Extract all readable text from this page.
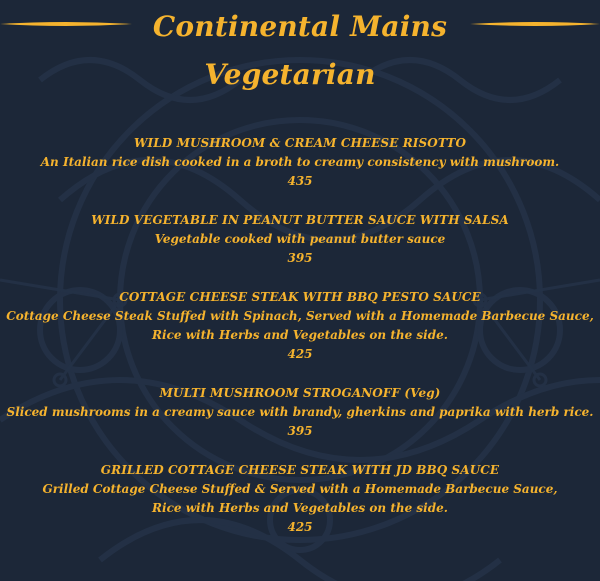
Continental Mains
Vegetarian
WILD MUSHROOM & CREAM CHEESE RISOTTO
An Italian rice dish cooked in a broth to creamy consistency with mushroom.
435
WILD VEGETABLE IN PEANUT BUTTER SAUCE WITH SALSA
Vegetable cooked with peanut butter sauce
395
COTTAGE CHEESE STEAK WITH BBQ PESTO SAUCE
Cottage Cheese Steak Stuffed with Spinach, Served with a Homemade Barbecue Sauce,
Rice with Herbs and Vegetables on the side.
425
MULTI MUSHROOM STROGANOFF (Veg)
Sliced mushrooms in a creamy sauce with brandy, gherkins and paprika with herb rice.
395
GRILLED COTTAGE CHEESE STEAK WITH JD BBQ SAUCE
Grilled Cottage Cheese Stuffed & Served with a Homemade Barbecue Sauce,
Rice with Herbs and Vegetables on the side.
425
